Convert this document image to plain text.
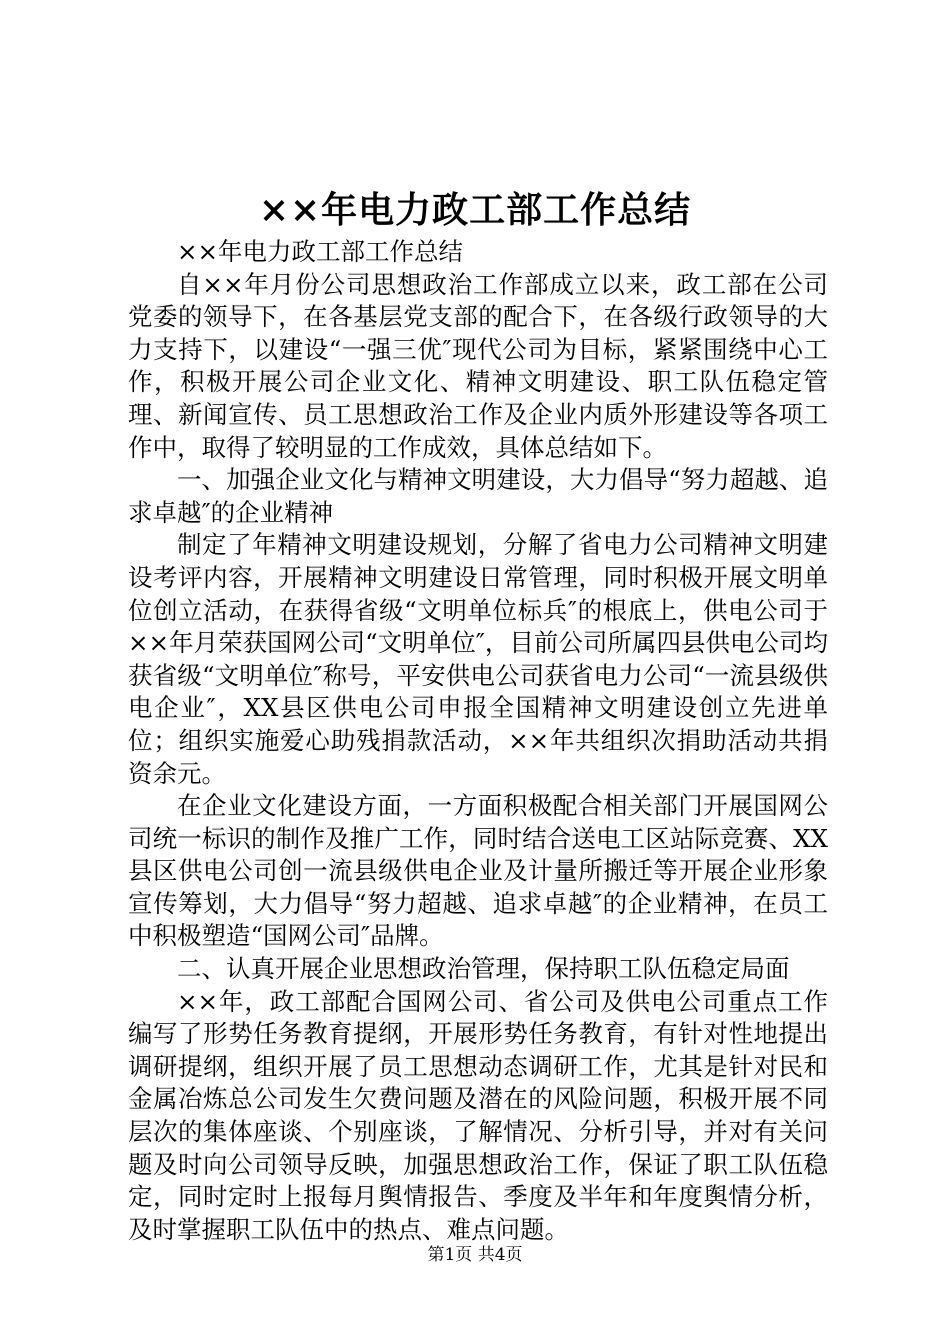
××年电力政工部工作总结

××年电力政工部工作总结

自××年月份公司思想政治工作部成立以来，政工部在公司党委的领导下，在各基层党支部的配合下，在各级行政领导的大力支持下，以建设“一强三优″现代公司为目标，紧紧围绕中心工作，积极开展公司企业文化、精神文明建设、职工队伍稳定管理、新闻宣传、员工思想政治工作及企业内质外形建设等各项工作中，取得了较明显的工作成效，具体总结如下。

一、加强企业文化与精神文明建设，大力倡导“努力超越、追求卓越″的企业精神

制定了年精神文明建设规划，分解了省电力公司精神文明建设考评内容，开展精神文明建设日常管理，同时积极开展文明单位创立活动，在获得省级“文明单位标兵″的根底上，供电公司于××年月荣获国网公司“文明单位″，目前公司所属四县供电公司均获省级“文明单位″称号，平安供电公司获省电力公司“一流县级供电企业″，XX县区供电公司申报全国精神文明建设创立先进单位；组织实施爱心助残捐款活动，××年共组织次捐助活动共捐资余元。

在企业文化建设方面，一方面积极配合相关部门开展国网公司统一标识的制作及推广工作，同时结合送电工区站际竞赛、XX县区供电公司创一流县级供电企业及计量所搬迁等开展企业形象宣传筹划，大力倡导“努力超越、追求卓越″的企业精神，在员工中积极塑造“国网公司″品牌。

二、认真开展企业思想政治管理，保持职工队伍稳定局面

××年，政工部配合国网公司、省公司及供电公司重点工作编写了形势任务教育提纲，开展形势任务教育，有针对性地提出调研提纲，组织开展了员工思想动态调研工作，尤其是针对民和金属冶炼总公司发生欠费问题及潜在的风险问题，积极开展不同层次的集体座谈、个别座谈，了解情况、分析引导，并对有关问题及时向公司领导反映，加强思想政治工作，保证了职工队伍稳定，同时定时上报每月舆情报告、季度及半年和年度舆情分析，及时掌握职工队伍中的热点、难点问题。

第1页 共4页
